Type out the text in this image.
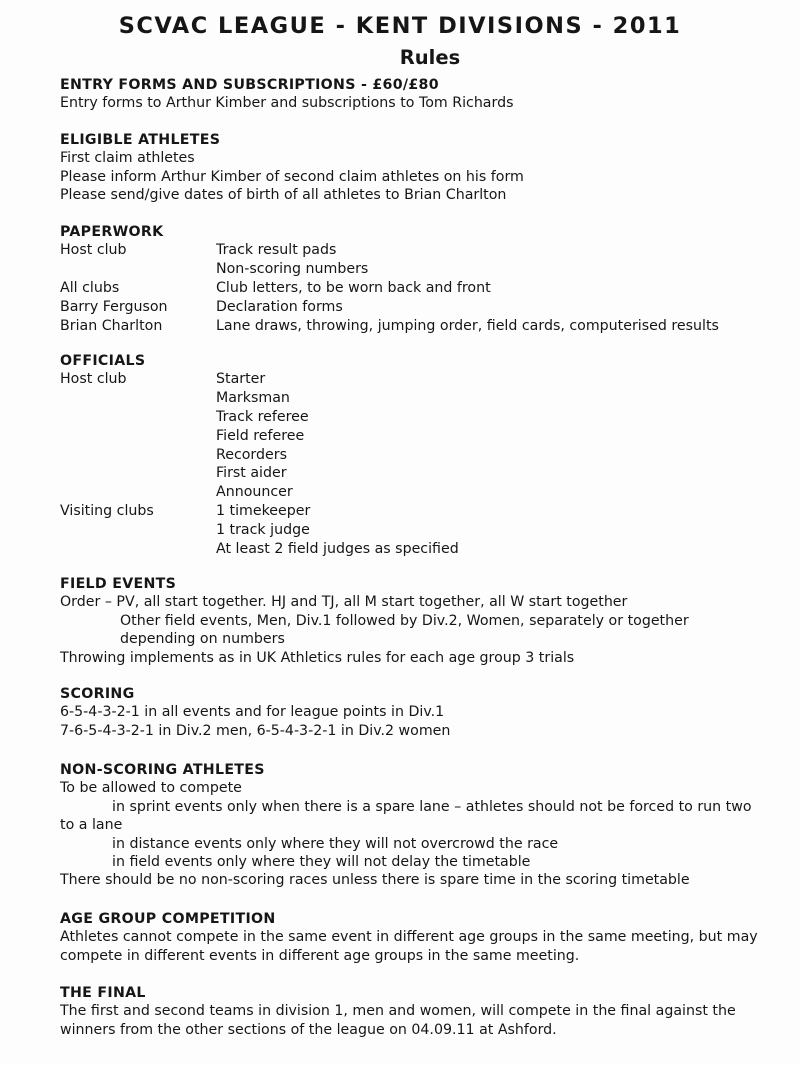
SCVAC LEAGUE - KENT DIVISIONS - 2011
Rules
ENTRY FORMS AND SUBSCRIPTIONS - £60/£80
Entry forms to Arthur Kimber and subscriptions to Tom Richards
ELIGIBLE ATHLETES
First claim athletes
Please inform Arthur Kimber of second claim athletes on his form
Please send/give dates of birth of all athletes to Brian Charlton
PAPERWORK
Host club	Track result pads
Non-scoring numbers
All clubs	Club letters, to be worn back and front
Barry Ferguson	Declaration forms
Brian Charlton	Lane draws, throwing, jumping order, field cards, computerised results
OFFICIALS
Host club	Starter
Marksman
Track referee
Field referee
Recorders
First aider
Announcer
Visiting clubs	1 timekeeper
1 track judge
At least 2 field judges as specified
FIELD EVENTS
Order – PV, all start together. HJ and TJ, all M start together, all W start together
Other field events, Men, Div.1 followed by Div.2, Women, separately or together
depending on numbers
Throwing implements as in UK Athletics rules for each age group 3 trials
SCORING
6-5-4-3-2-1 in all events and for league points in Div.1
7-6-5-4-3-2-1 in Div.2 men, 6-5-4-3-2-1 in Div.2 women
NON-SCORING ATHLETES
To be allowed to compete
in sprint events only when there is a spare lane – athletes should not be forced to run two
to a lane
in distance events only where they will not overcrowd the race
in field events only where they will not delay the timetable
There should be no non-scoring races unless there is spare time in the scoring timetable
AGE GROUP COMPETITION
Athletes cannot compete in the same event in different age groups in the same meeting, but may
compete in different events in different age groups in the same meeting.
THE FINAL
The first and second teams in division 1, men and women, will compete in the final against the
winners from the other sections of the league on 04.09.11 at Ashford.
